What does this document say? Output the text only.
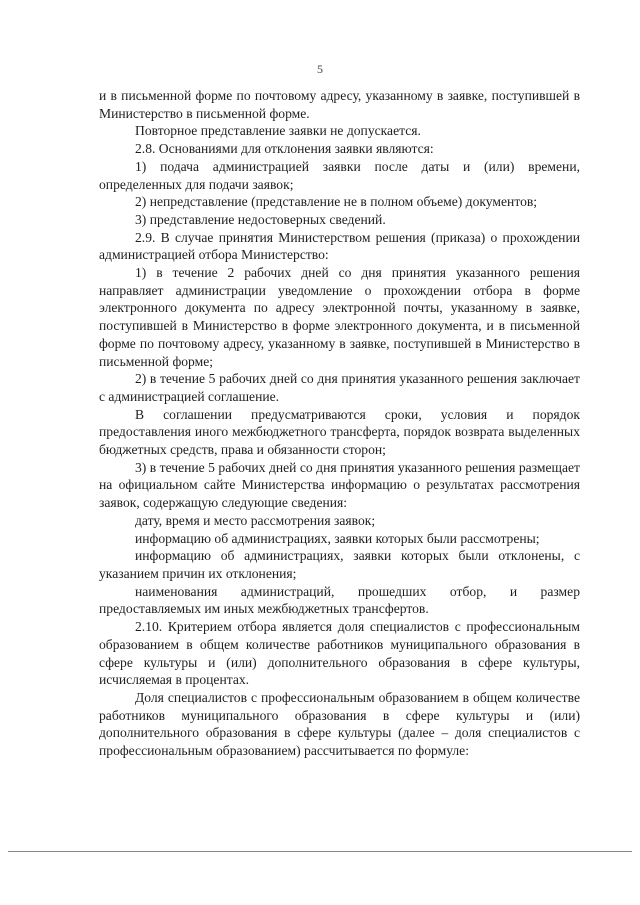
5

и в письменной форме по почтовому адресу, указанному в заявке, поступившей в Министерство в письменной форме.

Повторное представление заявки не допускается.

2.8. Основаниями для отклонения заявки являются:

1) подача администрацией заявки после даты и (или) времени, определенных для подачи заявок;

2) непредставление (представление не в полном объеме) документов;

3) представление недостоверных сведений.

2.9. В случае принятия Министерством решения (приказа) о прохождении администрацией отбора Министерство:

1) в течение 2 рабочих дней со дня принятия указанного решения направляет администрации уведомление о прохождении отбора в форме электронного документа по адресу электронной почты, указанному в заявке, поступившей в Министерство в форме электронного документа, и в письменной форме по почтовому адресу, указанному в заявке, поступившей в Министерство в письменной форме;

2) в течение 5 рабочих дней со дня принятия указанного решения заключает с администрацией соглашение.

В соглашении предусматриваются сроки, условия и порядок предоставления иного межбюджетного трансферта, порядок возврата выделенных бюджетных средств, права и обязанности сторон;

3) в течение 5 рабочих дней со дня принятия указанного решения размещает на официальном сайте Министерства информацию о результатах рассмотрения заявок, содержащую следующие сведения:

дату, время и место рассмотрения заявок;

информацию об администрациях, заявки которых были рассмотрены;

информацию об администрациях, заявки которых были отклонены, с указанием причин их отклонения;

наименования администраций, прошедших отбор, и размер предоставляемых им иных межбюджетных трансфертов.

2.10. Критерием отбора является доля специалистов с профессиональным образованием в общем количестве работников муниципального образования в сфере культуры и (или) дополнительного образования в сфере культуры, исчисляемая в процентах.

Доля специалистов с профессиональным образованием в общем количестве работников муниципального образования в сфере культуры и (или) дополнительного образования в сфере культуры (далее – доля специалистов с профессиональным образованием) рассчитывается по формуле:
